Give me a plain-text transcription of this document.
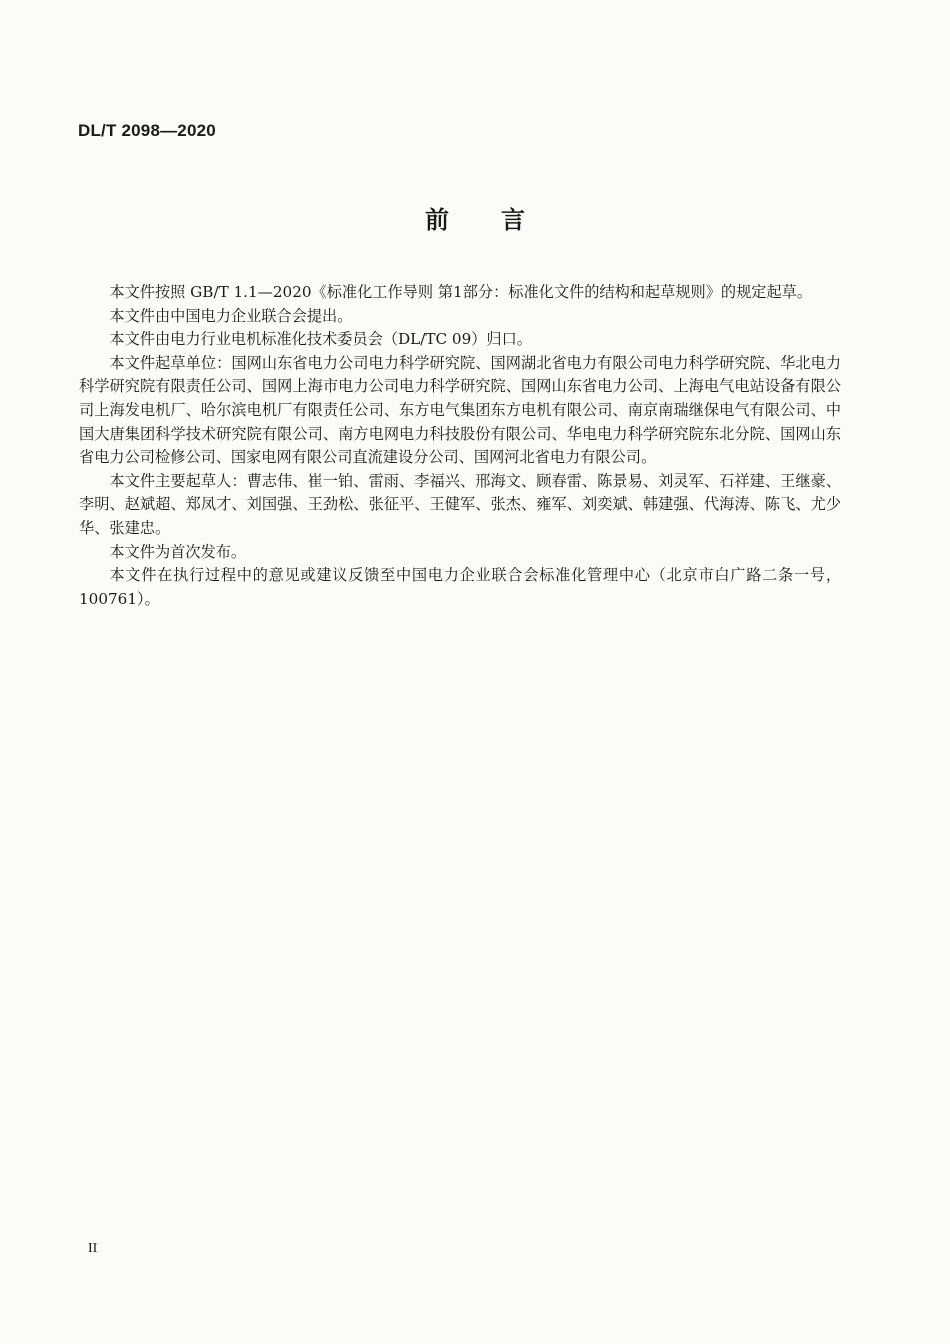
DL/T 2098—2020
前言

本文件按照 GB/T 1.1—2020《标准化工作导则 第1部分：标准化文件的结构和起草规则》的规定起草。

本文件由中国电力企业联合会提出。

本文件由电力行业电机标准化技术委员会（DL/TC 09）归口。

本文件起草单位：国网山东省电力公司电力科学研究院、国网湖北省电力有限公司电力科学研究院、华北电力科学研究院有限责任公司、国网上海市电力公司电力科学研究院、国网山东省电力公司、上海电气电站设备有限公司上海发电机厂、哈尔滨电机厂有限责任公司、东方电气集团东方电机有限公司、南京南瑞继保电气有限公司、中国大唐集团科学技术研究院有限公司、南方电网电力科技股份有限公司、华电电力科学研究院东北分院、国网山东省电力公司检修公司、国家电网有限公司直流建设分公司、国网河北省电力有限公司。

本文件主要起草人：曹志伟、崔一铂、雷雨、李福兴、邢海文、顾春雷、陈景易、刘灵军、石祥建、王继豪、李明、赵斌超、郑凤才、刘国强、王劲松、张征平、王健军、张杰、雍军、刘奕斌、韩建强、代海涛、陈飞、尤少华、张建忠。

本文件为首次发布。

本文件在执行过程中的意见或建议反馈至中国电力企业联合会标准化管理中心（北京市白广路二条一号，100761）。

II
